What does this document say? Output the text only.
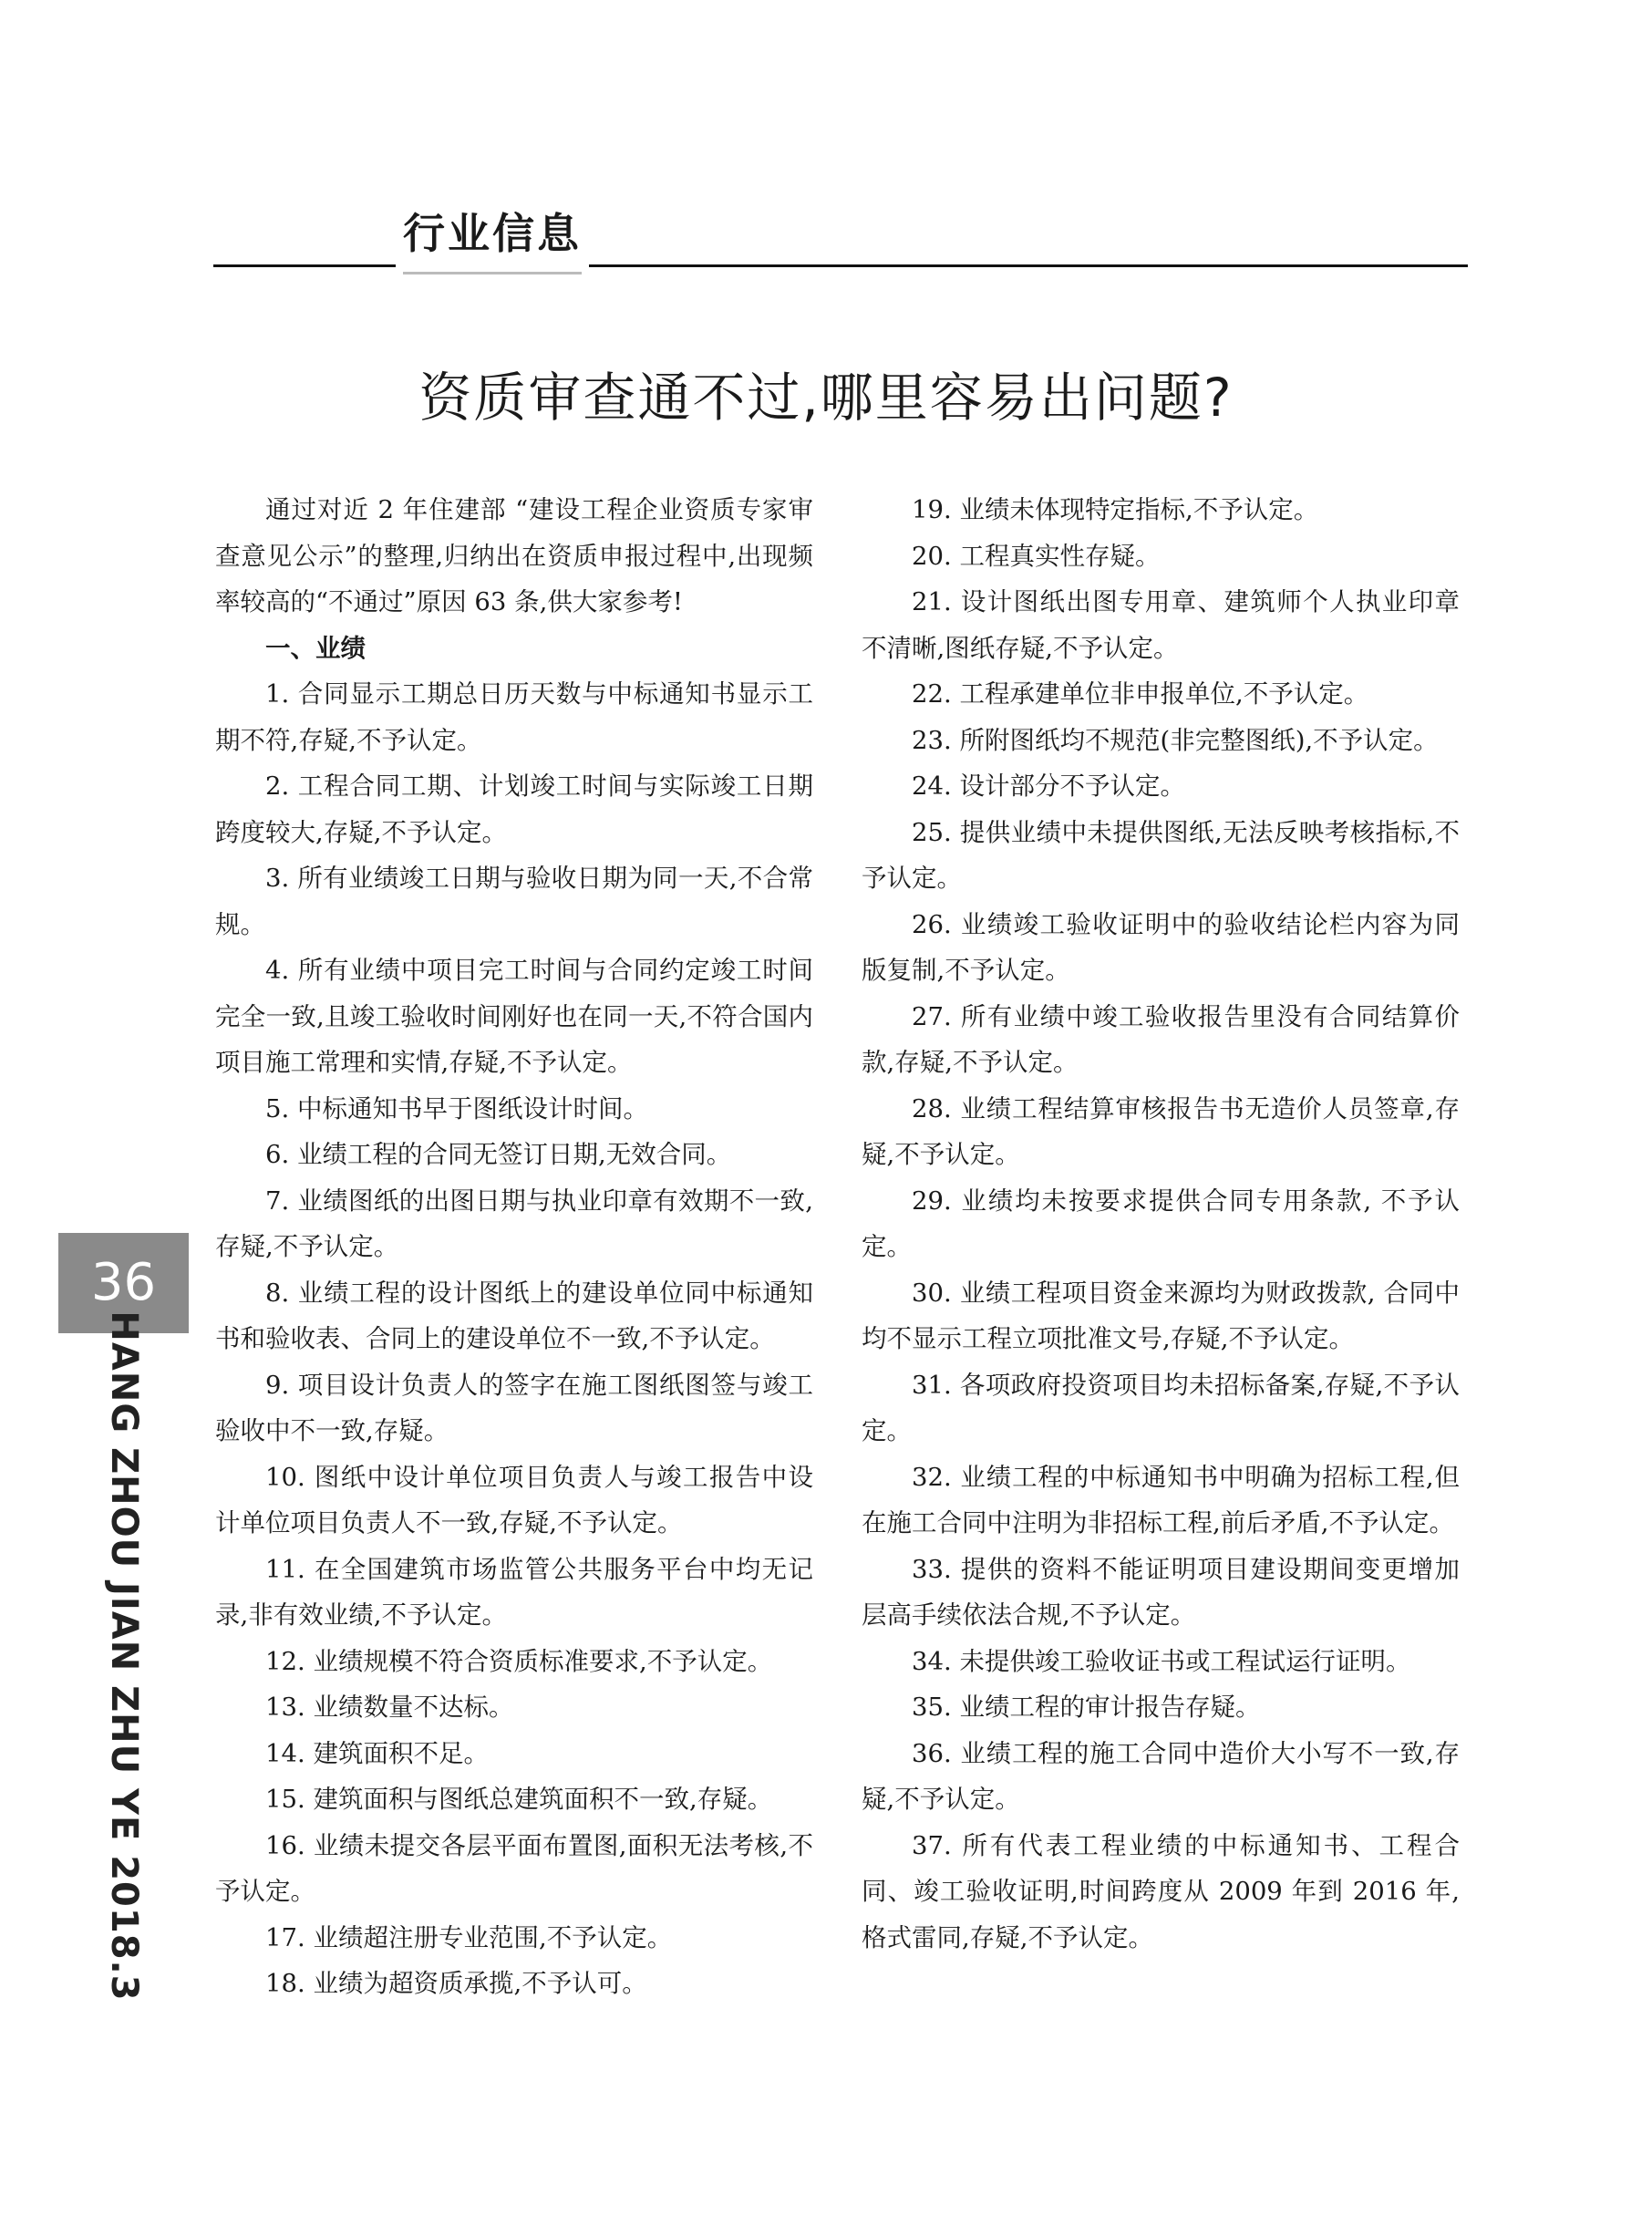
行业信息
资质审查通不过,哪里容易出问题?

通过对近 2 年住建部 “建设工程企业资质专家审查意见公示”的整理,归纳出在资质申报过程中,出现频率较高的“不通过”原因 63 条,供大家参考!

一、业绩

1. 合同显示工期总日历天数与中标通知书显示工期不符,存疑,不予认定。

2. 工程合同工期、计划竣工时间与实际竣工日期跨度较大,存疑,不予认定。

3. 所有业绩竣工日期与验收日期为同一天,不合常规。

4. 所有业绩中项目完工时间与合同约定竣工时间完全一致,且竣工验收时间刚好也在同一天,不符合国内项目施工常理和实情,存疑,不予认定。

5. 中标通知书早于图纸设计时间。

6. 业绩工程的合同无签订日期,无效合同。

7. 业绩图纸的出图日期与执业印章有效期不一致,存疑,不予认定。

8. 业绩工程的设计图纸上的建设单位同中标通知书和验收表、合同上的建设单位不一致,不予认定。

9. 项目设计负责人的签字在施工图纸图签与竣工验收中不一致,存疑。

10. 图纸中设计单位项目负责人与竣工报告中设计单位项目负责人不一致,存疑,不予认定。

11. 在全国建筑市场监管公共服务平台中均无记录,非有效业绩,不予认定。

12. 业绩规模不符合资质标准要求,不予认定。

13. 业绩数量不达标。

14. 建筑面积不足。

15. 建筑面积与图纸总建筑面积不一致,存疑。

16. 业绩未提交各层平面布置图,面积无法考核,不予认定。

17. 业绩超注册专业范围,不予认定。

18. 业绩为超资质承揽,不予认可。

19. 业绩未体现特定指标,不予认定。

20. 工程真实性存疑。

21. 设计图纸出图专用章、建筑师个人执业印章不清晰,图纸存疑,不予认定。

22. 工程承建单位非申报单位,不予认定。

23. 所附图纸均不规范(非完整图纸),不予认定。

24. 设计部分不予认定。

25. 提供业绩中未提供图纸,无法反映考核指标,不予认定。

26. 业绩竣工验收证明中的验收结论栏内容为同版复制,不予认定。

27. 所有业绩中竣工验收报告里没有合同结算价款,存疑,不予认定。

28. 业绩工程结算审核报告书无造价人员签章,存疑,不予认定。

29. 业绩均未按要求提供合同专用条款, 不予认定。

30. 业绩工程项目资金来源均为财政拨款, 合同中均不显示工程立项批准文号,存疑,不予认定。

31. 各项政府投资项目均未招标备案,存疑,不予认定。

32. 业绩工程的中标通知书中明确为招标工程,但在施工合同中注明为非招标工程,前后矛盾,不予认定。

33. 提供的资料不能证明项目建设期间变更增加层高手续依法合规,不予认定。

34. 未提供竣工验收证书或工程试运行证明。

35. 业绩工程的审计报告存疑。

36. 业绩工程的施工合同中造价大小写不一致,存疑,不予认定。

37. 所有代表工程业绩的中标通知书、工程合同、竣工验收证明,时间跨度从 2009 年到 2016 年,格式雷同,存疑,不予认定。

36
HANG ZHOU JIAN ZHU YE 2018.3
